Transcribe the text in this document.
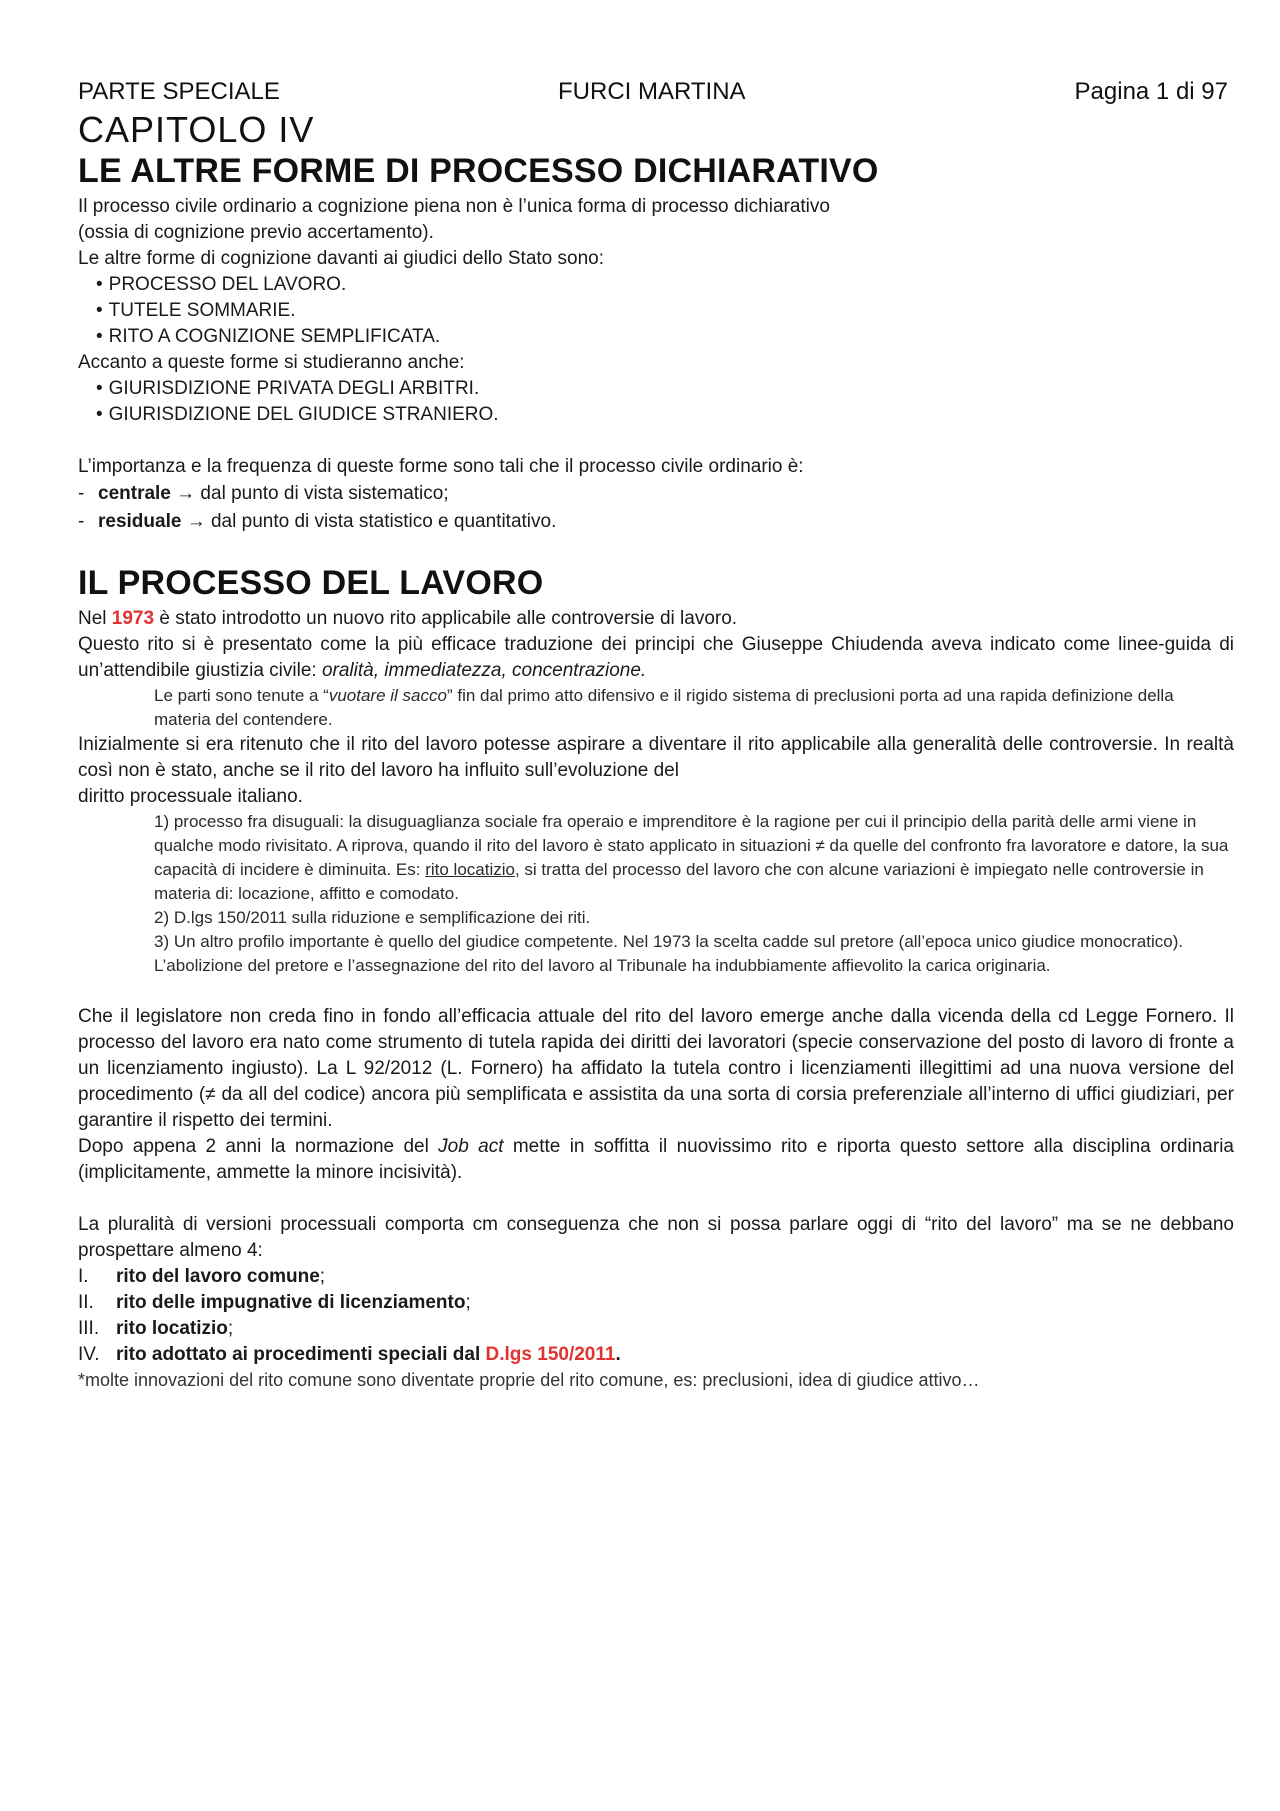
PARTE SPECIALE	FURCI MARTINA	Pagina 1 di 97
CAPITOLO IV
LE ALTRE FORME DI PROCESSO DICHIARATIVO

Il processo civile ordinario a cognizione piena non è l’unica forma di processo dichiarativo
(ossia di cognizione previo accertamento).

Le altre forme di cognizione davanti ai giudici dello Stato sono:

• PROCESSO DEL LAVORO.
• TUTELE SOMMARIE.
• RITO A COGNIZIONE SEMPLIFICATA.

Accanto a queste forme si studieranno anche:

• GIURISDIZIONE PRIVATA DEGLI ARBITRI.
• GIURISDIZIONE DEL GIUDICE STRANIERO.

L’importanza e la frequenza di queste forme sono tali che il processo civile ordinario è:

- centrale → dal punto di vista sistematico;

- residuale → dal punto di vista statistico e quantitativo.

IL PROCESSO DEL LAVORO

Nel 1973 è stato introdotto un nuovo rito applicabile alle controversie di lavoro.

Questo rito si è presentato come la più efficace traduzione dei principi che Giuseppe Chiudenda aveva indicato come linee-guida di un’attendibile giustizia civile: oralità, immediatezza, concentrazione.

Le parti sono tenute a “vuotare il sacco” fin dal primo atto difensivo e il rigido sistema di preclusioni porta ad una rapida definizione della materia del contendere.

Inizialmente si era ritenuto che il rito del lavoro potesse aspirare a diventare il rito applicabile alla generalità delle controversie. In realtà così non è stato, anche se il rito del lavoro ha influito sull’evoluzione del
diritto processuale italiano.

1) processo fra disuguali: la disuguaglianza sociale fra operaio e imprenditore è la ragione per cui il principio della parità delle armi viene in qualche modo rivisitato. A riprova, quando il rito del lavoro è stato applicato in situazioni ≠ da quelle del confronto fra lavoratore e datore, la sua capacità di incidere è diminuita. Es: rito locatizio, si tratta del processo del lavoro che con alcune variazioni è impiegato nelle controversie in materia di: locazione, affitto e comodato.

2) D.lgs 150/2011 sulla riduzione e semplificazione dei riti.

3) Un altro profilo importante è quello del giudice competente. Nel 1973 la scelta cadde sul pretore (all’epoca unico giudice monocratico). L’abolizione del pretore e l’assegnazione del rito del lavoro al Tribunale ha indubbiamente affievolito la carica originaria.

Che il legislatore non creda fino in fondo all’efficacia attuale del rito del lavoro emerge anche dalla vicenda della cd Legge Fornero. Il processo del lavoro era nato come strumento di tutela rapida dei diritti dei lavoratori (specie conservazione del posto di lavoro di fronte a un licenziamento ingiusto). La L 92/2012 (L. Fornero) ha affidato la tutela contro i licenziamenti illegittimi ad una nuova versione del procedimento (≠ da all del codice) ancora più semplificata e assistita da una sorta di corsia preferenziale all’interno di uffici giudiziari, per garantire il rispetto dei termini.

Dopo appena 2 anni la normazione del Job act mette in soffitta il nuovissimo rito e riporta questo settore alla disciplina ordinaria (implicitamente, ammette la minore incisività).

La pluralità di versioni processuali comporta cm conseguenza che non si possa parlare oggi di “rito del lavoro” ma se ne debbano prospettare almeno 4:

I. rito del lavoro comune;
II. rito delle impugnative di licenziamento;
III. rito locatizio;
IV. rito adottato ai procedimenti speciali dal D.lgs 150/2011.

*molte innovazioni del rito comune sono diventate proprie del rito comune, es: preclusioni, idea di giudice attivo…
